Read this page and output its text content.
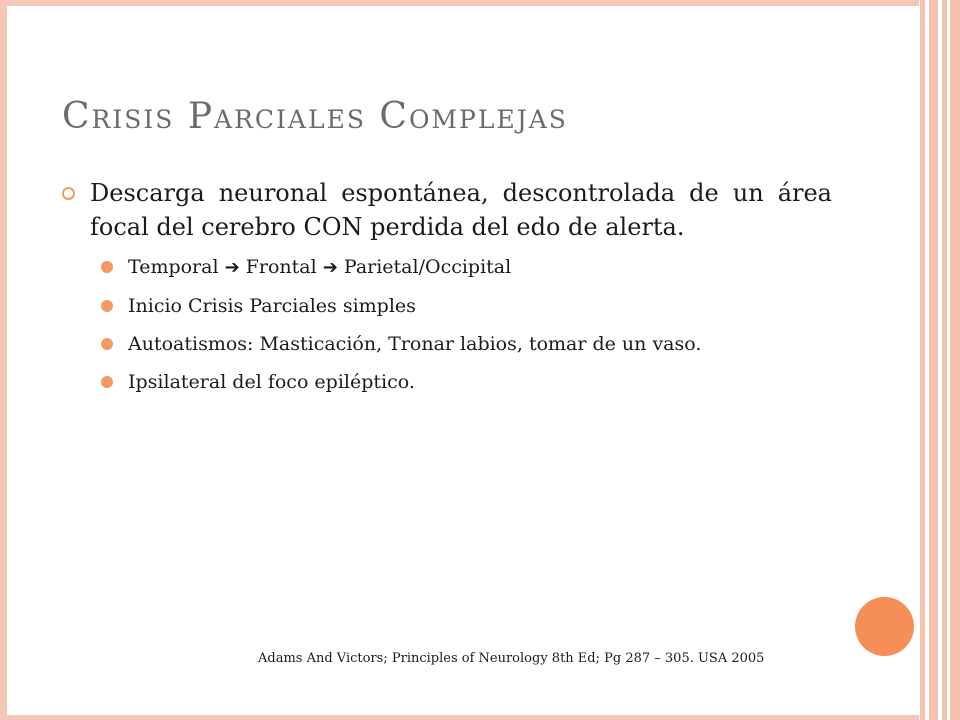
Crisis Parciales Complejas

Descarga neuronal espontánea, descontrolada de un área focal del cerebro CON perdida del edo de alerta.

Temporal ➔ Frontal ➔ Parietal/Occipital

Inicio Crisis Parciales simples

Autoatismos: Masticación, Tronar labios, tomar de un vaso.

Ipsilateral del foco epiléptico.

Adams And Victors; Principles of Neurology 8th Ed; Pg 287 – 305. USA 2005
